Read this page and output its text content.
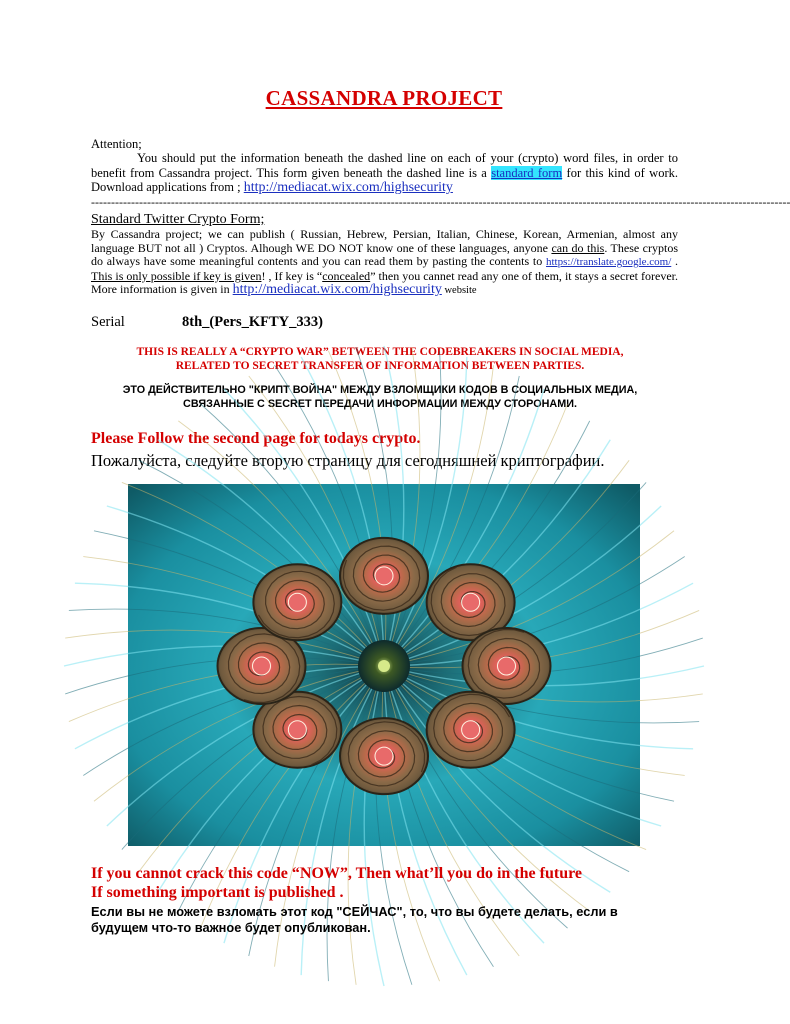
CASSANDRA PROJECT
Attention;
You should put the information beneath the dashed line on each of your (crypto) word files, in order to benefit from Cassandra project. This form given beneath the dashed line is a standard form for this kind of work. Download applications from ; http://mediacat.wix.com/highsecurity
-------------------------------------------------------------------------------------------------------------------------------------------------------------------------------
Standard Twitter Crypto Form;
By Cassandra project; we can publish ( Russian, Hebrew, Persian, Italian, Chinese, Korean, Armenian, almost any language BUT not all ) Cryptos. Alhough WE DO NOT know one of these languages, anyone can do this. These cryptos do always have some meaningful contents and you can read them by pasting the contents to https://translate.google.com/ . This is only possible if key is given! , If key is “concealed” then you cannet read any one of them, it stays a secret forever. More information is given in http://mediacat.wix.com/highsecurity website
Serial	8th_(Pers_KFTY_333)
THIS IS REALLY A “CRYPTO WAR” BETWEEN THE CODEBREAKERS IN SOCIAL MEDIA, RELATED TO SECRET TRANSFER OF INFORMATION BETWEEN PARTIES.
ЭТО ДЕЙСТВИТЕЛЬНО "КРИПТ ВОЙНА" МЕЖДУ ВЗЛОМЩИКИ КОДОВ В СОЦИАЛЬНЫХ МЕДИА, СВЯЗАННЫЕ С SECRET ПЕРЕДАЧИ ИНФОРМАЦИИ МЕЖДУ СТОРОНАМИ.
Please Follow the second page for todays crypto.
Пожалуйста, следуйте вторую страницу для сегодняшней криптографии.
If you cannot crack this code “NOW”, Then what’ll you do in the future
If something important is published .
Если вы не можете взломать этот код "СЕЙЧАС", то, что вы будете делать, если в будущем что-то важное будет опубликован.
